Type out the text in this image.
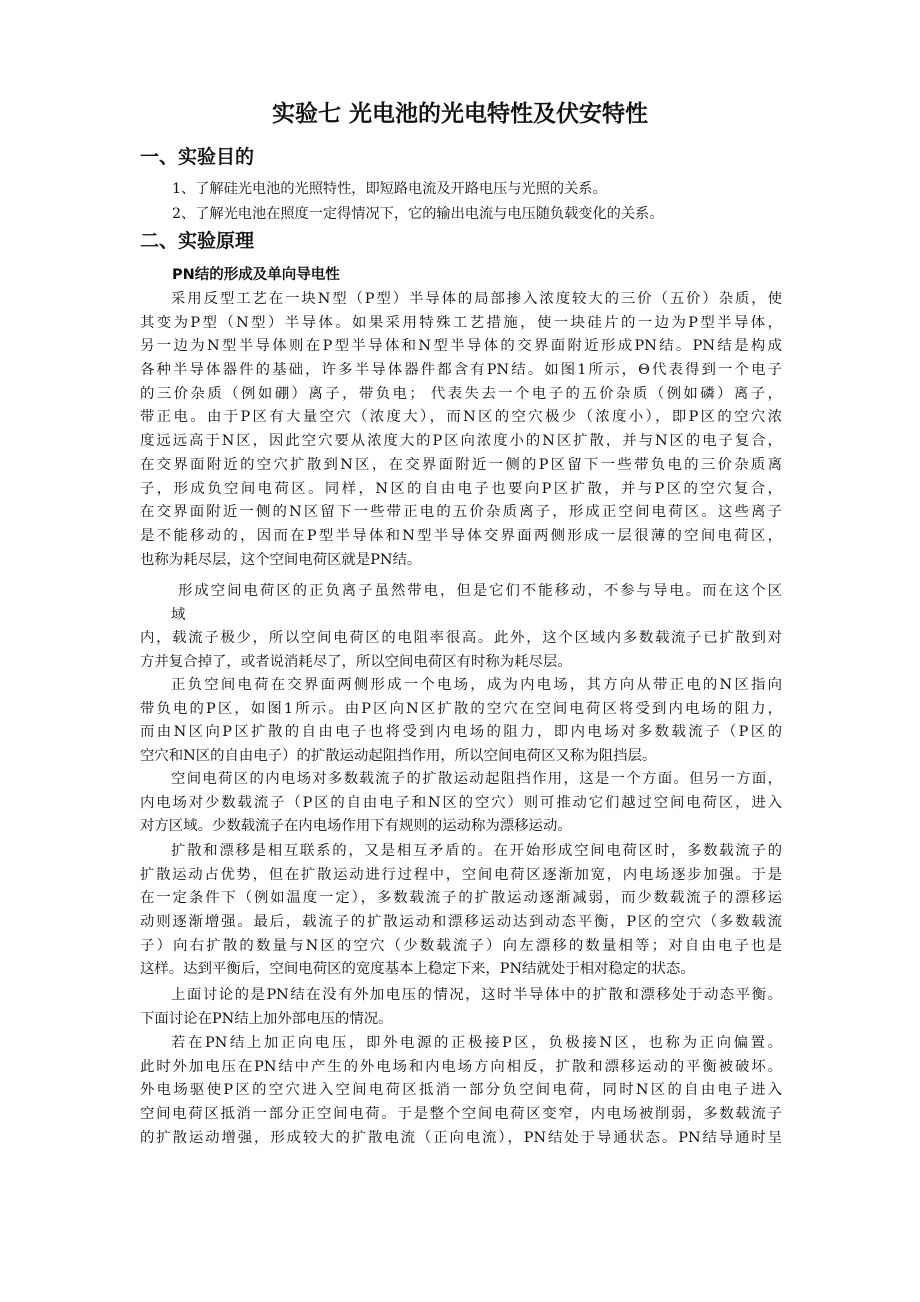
实验七 光电池的光电特性及伏安特性
一、实验目的
1、了解硅光电池的光照特性，即短路电流及开路电压与光照的关系。
2、了解光电池在照度一定得情况下，它的输出电流与电压随负载变化的关系。
二、实验原理
PN结的形成及单向导电性
采用反型工艺在一块N型（P型）半导体的局部掺入浓度较大的三价（五价）杂质，使
其变为P型（N型）半导体。如果采用特殊工艺措施，使一块硅片的一边为P型半导体，
另一边为N型半导体则在P型半导体和N型半导体的交界面附近形成PN结。PN结是构成
各种半导体器件的基础，许多半导体器件都含有PN结。如图1所示，Θ代表得到一个电子
的三价杂质（例如硼）离子，带负电； 代表失去一个电子的五价杂质（例如磷）离子，
带正电。由于P区有大量空穴（浓度大），而N区的空穴极少（浓度小），即P区的空穴浓
度远远高于N区，因此空穴要从浓度大的P区向浓度小的N区扩散，并与N区的电子复合，
在交界面附近的空穴扩散到N区，在交界面附近一侧的P区留下一些带负电的三价杂质离
子，形成负空间电荷区。同样，N区的自由电子也要向P区扩散，并与P区的空穴复合，
在交界面附近一侧的N区留下一些带正电的五价杂质离子，形成正空间电荷区。这些离子
是不能移动的，因而在P型半导体和N型半导体交界面两侧形成一层很薄的空间电荷区，
也称为耗尽层，这个空间电荷区就是PN结。
形成空间电荷区的正负离子虽然带电，但是它们不能移动，不参与导电。而在这个区
域
内，载流子极少，所以空间电荷区的电阻率很高。此外，这个区域内多数载流子已扩散到对
方并复合掉了，或者说消耗尽了，所以空间电荷区有时称为耗尽层。
正负空间电荷在交界面两侧形成一个电场，成为内电场，其方向从带正电的N区指向
带负电的P区，如图1所示。由P区向N区扩散的空穴在空间电荷区将受到内电场的阻力，
而由N区向P区扩散的自由电子也将受到内电场的阻力，即内电场对多数载流子（P区的
空穴和N区的自由电子）的扩散运动起阻挡作用，所以空间电荷区又称为阻挡层。
空间电荷区的内电场对多数载流子的扩散运动起阻挡作用，这是一个方面。但另一方面，
内电场对少数载流子（P区的自由电子和N区的空穴）则可推动它们越过空间电荷区，进入
对方区域。少数载流子在内电场作用下有规则的运动称为漂移运动。
扩散和漂移是相互联系的，又是相互矛盾的。在开始形成空间电荷区时，多数载流子的
扩散运动占优势，但在扩散运动进行过程中，空间电荷区逐渐加宽，内电场逐步加强。于是
在一定条件下（例如温度一定），多数载流子的扩散运动逐渐减弱，而少数载流子的漂移运
动则逐渐增强。最后，载流子的扩散运动和漂移运动达到动态平衡，P区的空穴（多数载流
子）向右扩散的数量与N区的空穴（少数载流子）向左漂移的数量相等；对自由电子也是
这样。达到平衡后，空间电荷区的宽度基本上稳定下来，PN结就处于相对稳定的状态。
上面讨论的是PN结在没有外加电压的情况，这时半导体中的扩散和漂移处于动态平衡。
下面讨论在PN结上加外部电压的情况。
若在PN结上加正向电压，即外电源的正极接P区，负极接N区，也称为正向偏置。
此时外加电压在PN结中产生的外电场和内电场方向相反，扩散和漂移运动的平衡被破坏。
外电场驱使P区的空穴进入空间电荷区抵消一部分负空间电荷，同时N区的自由电子进入
空间电荷区抵消一部分正空间电荷。于是整个空间电荷区变窄，内电场被削弱，多数载流子
的扩散运动增强，形成较大的扩散电流（正向电流），PN结处于导通状态。PN结导通时呈
